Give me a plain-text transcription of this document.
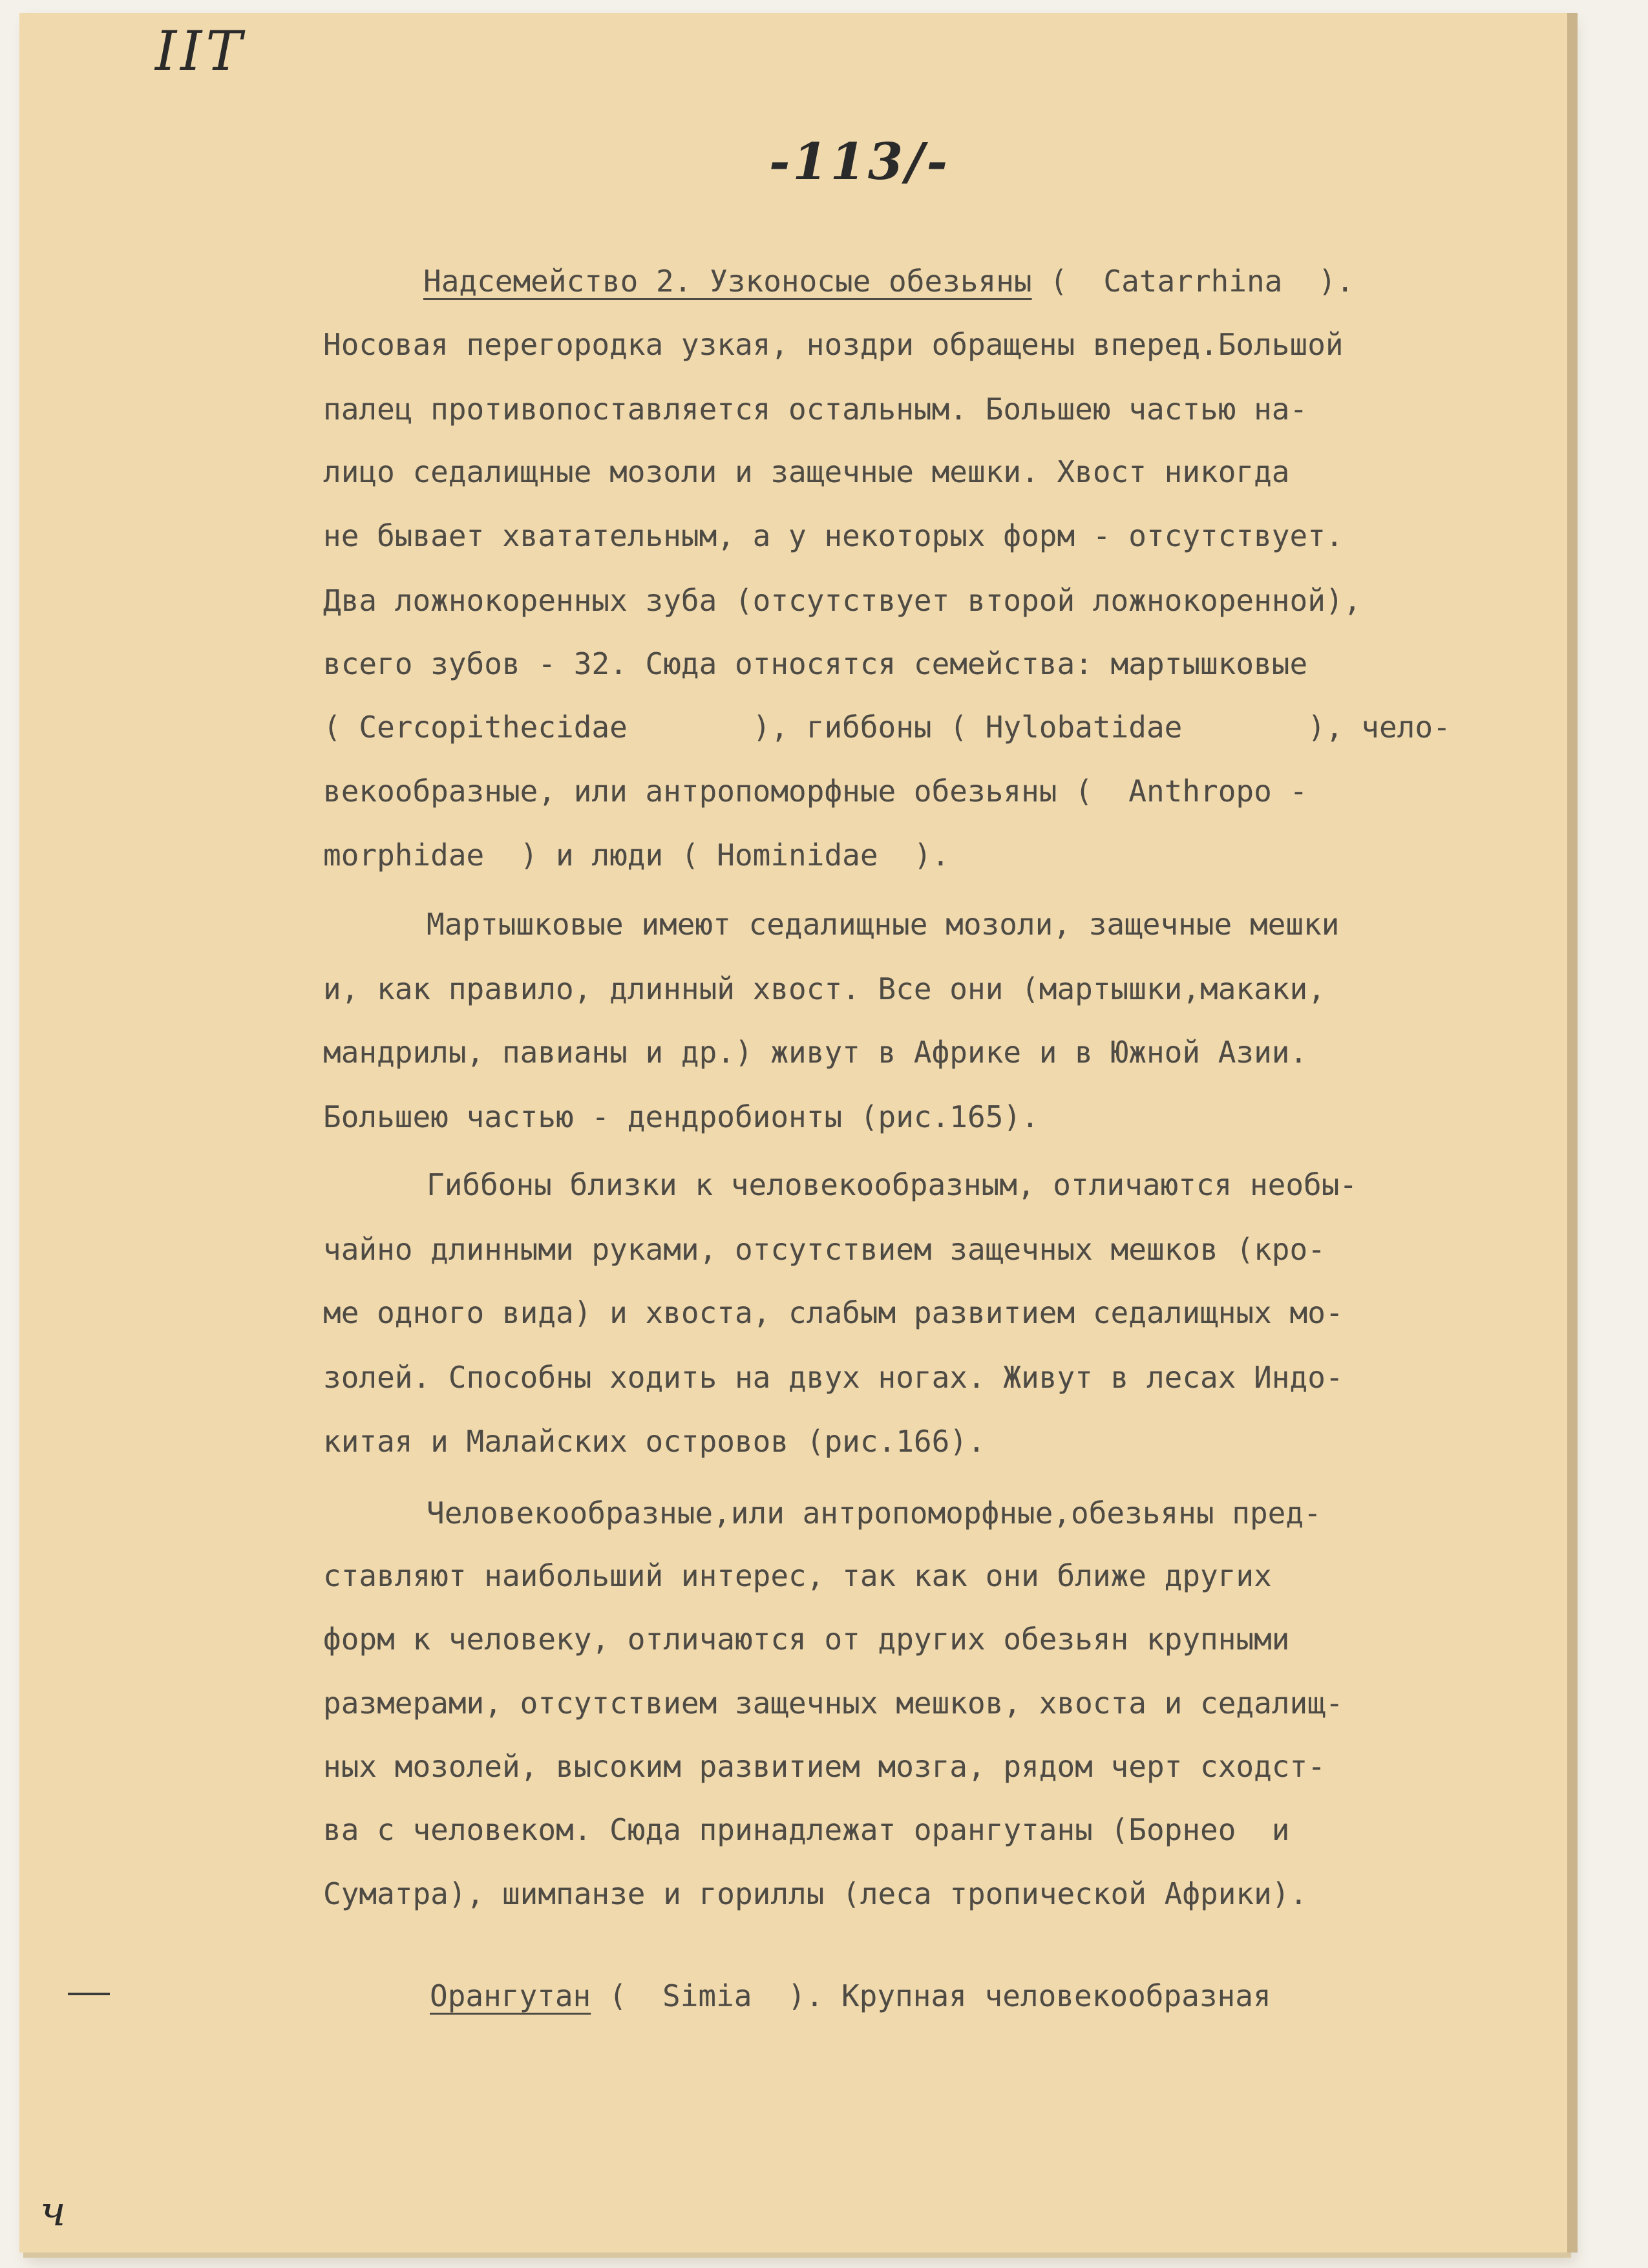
IIT
-113/-
ч
Надсемейство 2. Узконосые обезьяны (  Catarrhina  ).
Носовая перегородка узкая, ноздри обращены вперед.Большой
палец противопоставляется остальным. Большею частью на-
лицо седалищные мозоли и защечные мешки. Хвост никогда
не бывает хватательным, а у некоторых форм - отсутствует.
Два ложнокоренных зуба (отсутствует второй ложнокоренной),
всего зубов - 32. Сюда относятся семейства: мартышковые
( Cercopithecidae       ), гиббоны ( Hylobatidae       ), чело-
векообразные, или антропоморфные обезьяны (  Anthropo -
morphidae  ) и люди ( Hominidae  ).
Мартышковые имеют седалищные мозоли, защечные мешки
и, как правило, длинный хвост. Все они (мартышки,макаки,
мандрилы, павианы и др.) живут в Африке и в Южной Азии.
Большею частью - дендробионты (рис.165).
Гиббоны близки к человекообразным, отличаются необы-
чайно длинными руками, отсутствием защечных мешков (кро-
ме одного вида) и хвоста, слабым развитием седалищных мо-
золей. Способны ходить на двух ногах. Живут в лесах Индо-
китая и Малайских островов (рис.166).
Человекообразные,или антропоморфные,обезьяны пред-
ставляют наибольший интерес, так как они ближе других
форм к человеку, отличаются от других обезьян крупными
размерами, отсутствием защечных мешков, хвоста и седалищ-
ных мозолей, высоким развитием мозга, рядом черт сходст-
ва с человеком. Сюда принадлежат орангутаны (Борнео  и
Суматра), шимпанзе и гориллы (леса тропической Африки).
Орангутан (  Simia  ). Крупная человекообразная
